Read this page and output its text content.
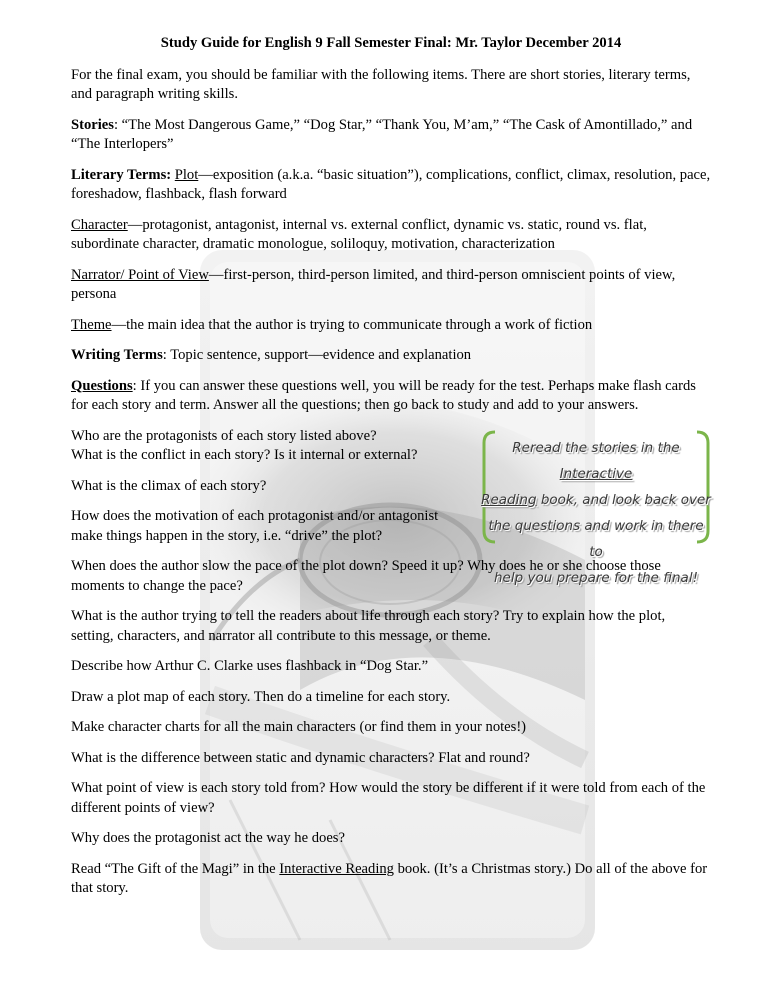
Study Guide for English 9 Fall Semester Final: Mr. Taylor December 2014

For the final exam, you should be familiar with the following items. There are short stories, literary terms, and paragraph writing skills.

Stories: “The Most Dangerous Game,” “Dog Star,” “Thank You, M’am,” “The Cask of Amontillado,” and “The Interlopers”

Literary Terms: Plot—exposition (a.k.a. “basic situation”), complications, conflict, climax, resolution, pace, foreshadow, flashback, flash forward

Character—protagonist, antagonist, internal vs. external conflict, dynamic vs. static, round vs. flat, subordinate character, dramatic monologue, soliloquy, motivation, characterization

Narrator/ Point of View—first-person, third-person limited, and third-person omniscient points of view, persona

Theme—the main idea that the author is trying to communicate through a work of fiction

Writing Terms: Topic sentence, support—evidence and explanation

Questions: If you can answer these questions well, you will be ready for the test. Perhaps make flash cards for each story and term. Answer all the questions; then go back to study and add to your answers.

Who are the protagonists of each story listed above?

What is the conflict in each story? Is it internal or external?

What is the climax of each story?

How does the motivation of each protagonist and/or antagonist make things happen in the story, i.e. “drive” the plot?

Reread the stories in the Interactive
Reading book, and look back over
the questions and work in there to
help you prepare for the final!

When does the author slow the pace of the plot down? Speed it up? Why does he or she choose those moments to change the pace?

What is the author trying to tell the readers about life through each story? Try to explain how the plot, setting, characters, and narrator all contribute to this message, or theme.

Describe how Arthur C. Clarke uses flashback in “Dog Star.”

Draw a plot map of each story. Then do a timeline for each story.

Make character charts for all the main characters (or find them in your notes!)

What is the difference between static and dynamic characters? Flat and round?

What point of view is each story told from? How would the story be different if it were told from each of the different points of view?

Why does the protagonist act the way he does?

Read “The Gift of the Magi” in the Interactive Reading book. (It’s a Christmas story.) Do all of the above for that story.
